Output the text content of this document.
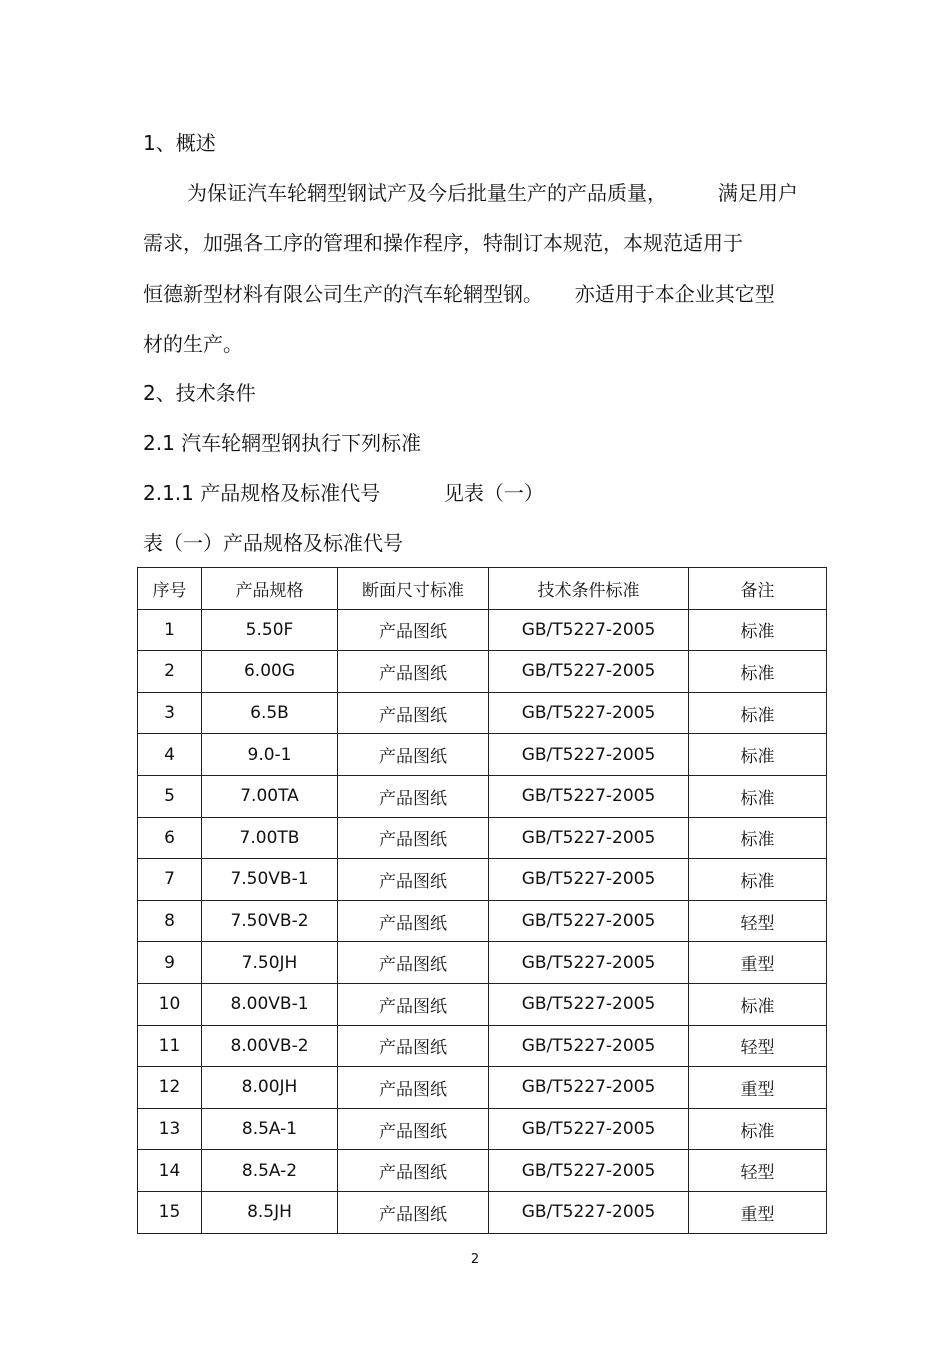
1、概述
为保证汽车轮辋型钢试产及今后批量生产的产品质量，        满足用户
需求，加强各工序的管理和操作程序，特制订本规范，本规范适用于
恒德新型材料有限公司生产的汽车轮辋型钢。     亦适用于本企业其它型
材的生产。
2、技术条件
2.1 汽车轮辋型钢执行下列标准
2.1.1 产品规格及标准代号          见表（一）
表（一）产品规格及标准代号
序号	产品规格	断面尺寸标准	技术条件标准	备注
1	5.50F	产品图纸	GB/T5227-2005	标准
2	6.00G	产品图纸	GB/T5227-2005	标准
3	6.5B	产品图纸	GB/T5227-2005	标准
4	9.0-1	产品图纸	GB/T5227-2005	标准
5	7.00TA	产品图纸	GB/T5227-2005	标准
6	7.00TB	产品图纸	GB/T5227-2005	标准
7	7.50VB-1	产品图纸	GB/T5227-2005	标准
8	7.50VB-2	产品图纸	GB/T5227-2005	轻型
9	7.50JH	产品图纸	GB/T5227-2005	重型
10	8.00VB-1	产品图纸	GB/T5227-2005	标准
11	8.00VB-2	产品图纸	GB/T5227-2005	轻型
12	8.00JH	产品图纸	GB/T5227-2005	重型
13	8.5A-1	产品图纸	GB/T5227-2005	标准
14	8.5A-2	产品图纸	GB/T5227-2005	轻型
15	8.5JH	产品图纸	GB/T5227-2005	重型
2
